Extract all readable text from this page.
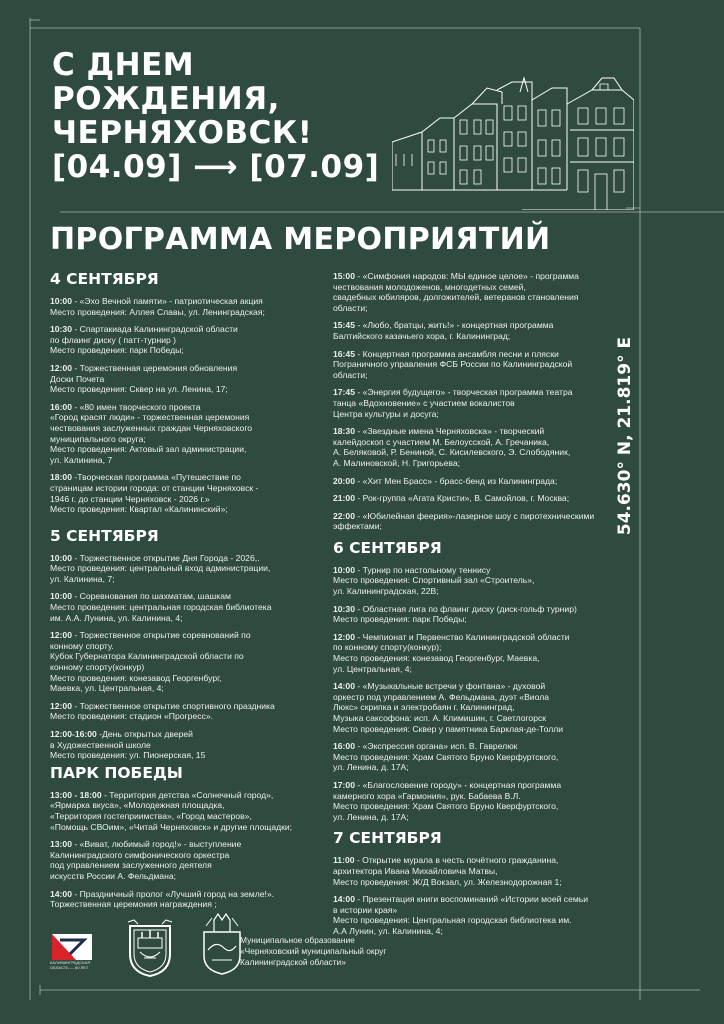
С ДНЕМ
РОЖДЕНИЯ,
ЧЕРНЯХОВСК!
[04.09] ⟶ [07.09]
ПРОГРАММА МЕРОПРИЯТИЙ
54.630° N, 21.819° E
4 СЕНТЯБРЯ
10:00 - «Эхо Вечной памяти» - патриотическая акция
Место проведения: Аллея Славы, ул. Ленинградская;
10:30 - Спартакиада Калининградской области
по флаинг диску ( патт-турнир )
Место проведения: парк Победы;
12:00 - Торжественная церемония обновления
Доски Почета
Место проведения: Сквер на ул. Ленина, 17;
16:00 - «80 имен творческого проекта
«Город красят люди» - торжественная церемония
чествования заслуженных граждан Черняховского
муниципального округа;
Место проведения: Актовый зал администрации,
ул. Калинина, 7
18:00 -Творческая программа «Путешествие по
страницам истории города: от станции Черняховск -
1946 г. до станции Черняховск - 2026 г.»
Место проведения: Квартал «Калининский»;
5 СЕНТЯБРЯ
10:00 - Торжественное открытие Дня Города - 2026,.
Место проведения: центральный вход администрации,
ул. Калинина, 7;
10:00 - Соревнования по шахматам, шашкам
Место проведения: центральная городская библиотека
им. А.А. Лунина, ул. Калинина, 4;
12:00 - Торжественное открытие соревнований по
конному спорту.
Кубок Губернатора Калининградской области по
конному спорту(конкур)
Место проведения: конезавод Георгенбург,
Маевка, ул. Центральная, 4;
12:00 - Торжественное открытие спортивного праздника
Место проведения: стадион «Прогресс».
12:00-16:00 -День открытых дверей
в Художественной школе
Место проведения: ул. Пионерская, 15
ПАРК ПОБЕДЫ
13:00 - 18:00 - Территория детства «Солнечный город»,
«Ярмарка вкуса», «Молодежная площадка,
«Территория гостеприимства», «Город мастеров»,
«Помощь СВОим», «Читай Черняховск» и другие площадки;
13:00 - «Виват, любимый город!» - выступление
Калининградского симфонического оркестра
под управлением заслуженного деятеля
искусств России А. Фельдмана;
14:00 - Праздничный пролог «Лучший город на земле!».
Торжественная церемония награждения ;
15:00 - «Симфония народов: МЫ единое целое» - программа
чествования молодоженов, многодетных семей,
свадебных юбиляров, долгожителей, ветеранов становления
области;
15:45 - «Любо, братцы, жить!» - концертная программа
Балтийского казачьего хора, г. Калининград;
16:45 - Концертная программа ансамбля песни и пляски
Пограничного управления ФСБ России по Калининградской
области;
17:45 - «Энергия будущего» - творческая программа театра
танца «Вдохновение» с участием вокалистов
Центра культуры и досуга;
18:30 - «Звездные имена Черняховска» - творческий
калейдоскоп с участием М. Белоусской, А. Гречаника,
А. Беляковой, Р. Бениной, С. Кисилевского, Э. Слободяник,
А. Малиновской, Н. Григорьева;
20:00 - «Хит Мен Брасс» - брасс-бенд из Калининграда;
21:00 - Рок-группа «Агата Кристи», В. Самойлов, г. Москва;
22:00 - «Юбилейная феерия»-лазерное шоу с пиротехническими
эффектами;
6 СЕНТЯБРЯ
10:00 - Турнир по настольному теннису
Место проведения: Спортивный зал «Строитель»,
ул. Калининградская, 22В;
10:30 - Областная лига по флаинг диску (диск-гольф турнир)
Место проведения: парк Победы;
12:00 - Чемпионат и Первенство Калининградской области
по конному спорту(конкур);
Место проведения: конезавод Георгенбург, Маевка,
ул. Центральная, 4;
14:00 - «Музыкальные встречи у фонтана» - духовой
оркестр под управлением А. Фельдмана, дуэт «Виола
Люкс» скрипка и электробаян г. Калининград,
Музыка саксофона: исп. А. Климишин, г. Светлогорск
Место проведения: Сквер у памятника Барклая-де-Толли
16:00 - «Экспрессия органа» исп. В. Гаврелюк
Место проведения: Храм Святого Бруно Кверфуртского,
ул. Ленина, д. 17А;
17:00 - «Благословение городу» - концертная программа
камерного хора «Гармония», рук. Бабаева В.Л.
Место проведения: Храм Святого Бруно Кверфуртского,
ул. Ленина, д. 17А;
7 СЕНТЯБРЯ
11:00 - Открытие мурала в честь почётного гражданина,
архитектора Ивана Михайловича Матвы,
Место проведения: Ж/Д Вокзал, ул. Железнодорожная 1;
14:00 - Презентация книги воспоминаний «Истории моей семьи
в истории края»
Место проведения: Центральная городская библиотека им.
А.А Лунин, ул. Калинина, 4;
КАЛИНИНГРАДСКАЯ
ОБЛАСТЬ — 80 ЛЕТ
Муниципальное образование
«Черняховский муниципальный округ
Калининградской области»
